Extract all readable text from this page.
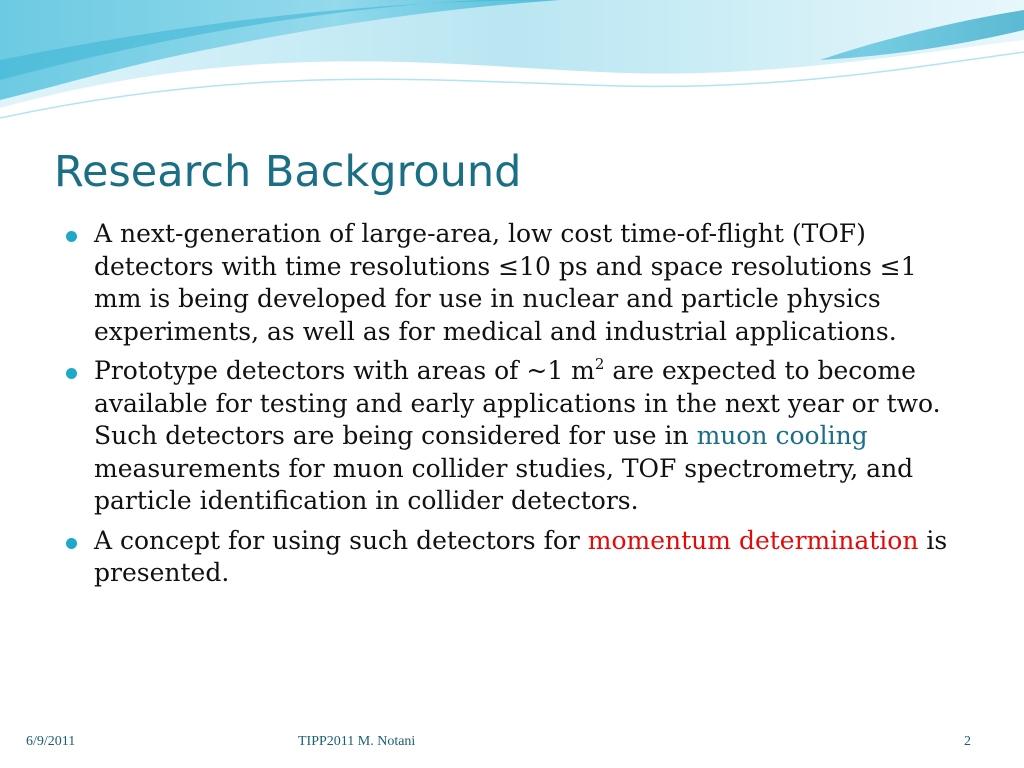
Research Background
A next-generation of large-area, low cost time-of-flight (TOF) detectors with time resolutions ≤10 ps and space resolutions ≤1 mm is being developed for use in nuclear and particle physics experiments, as well as for medical and industrial applications.
Prototype detectors with areas of ~1 $m^2$ are expected to become available for testing and early applications in the next year or two. Such detectors are being considered for use in muon cooling measurements for muon collider studies, TOF spectrometry, and particle identification in collider detectors.
A concept for using such detectors for momentum determination is presented.
6/9/2011	TIPP2011 M. Notani	2
